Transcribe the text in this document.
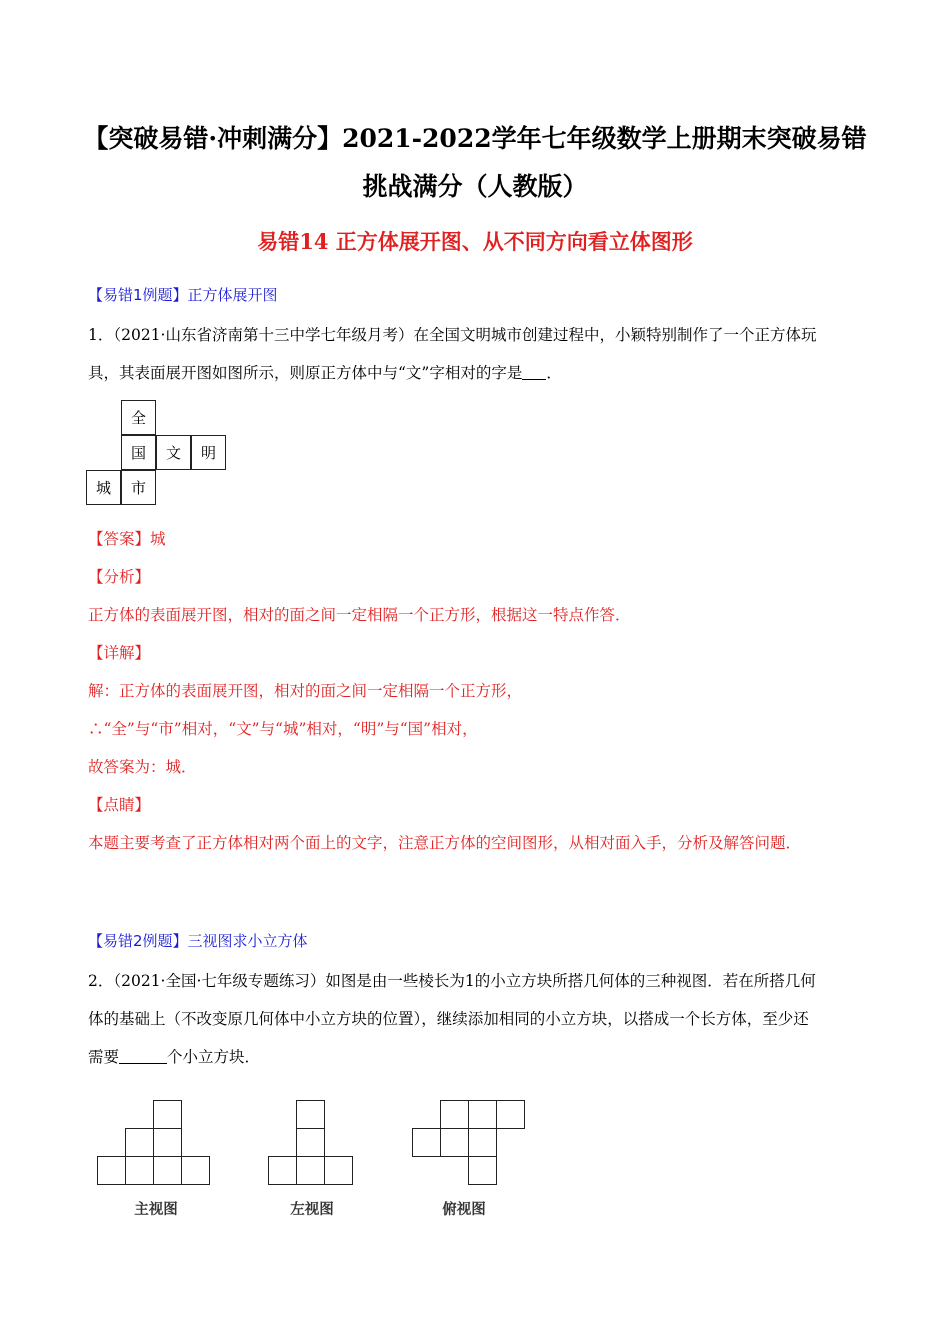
【突破易错·冲刺满分】2021-2022学年七年级数学上册期末突破易错
挑战满分（人教版）
易错14 正方体展开图、从不同方向看立体图形
【易错1例题】正方体展开图
1．（2021·山东省济南第十三中学七年级月考）在全国文明城市创建过程中，小颖特别制作了一个正方体玩
具，其表面展开图如图所示，则原正方体中与“文”字相对的字是 ．
全
国	文	明
城	市
【答案】城
【分析】
正方体的表面展开图，相对的面之间一定相隔一个正方形，根据这一特点作答．
【详解】
解：正方体的表面展开图，相对的面之间一定相隔一个正方形，
∴“全”与“市”相对，“文”与“城”相对，“明”与“国”相对，
故答案为：城．
【点睛】
本题主要考查了正方体相对两个面上的文字，注意正方体的空间图形，从相对面入手，分析及解答问题．
【易错2例题】三视图求小立方体
2．（2021·全国·七年级专题练习）如图是由一些棱长为1的小立方块所搭几何体的三种视图．若在所搭几何
体的基础上（不改变原几何体中小立方块的位置），继续添加相同的小立方块，以搭成一个长方体，至少还
需要	个小立方块．
主视图	左视图	俯视图
